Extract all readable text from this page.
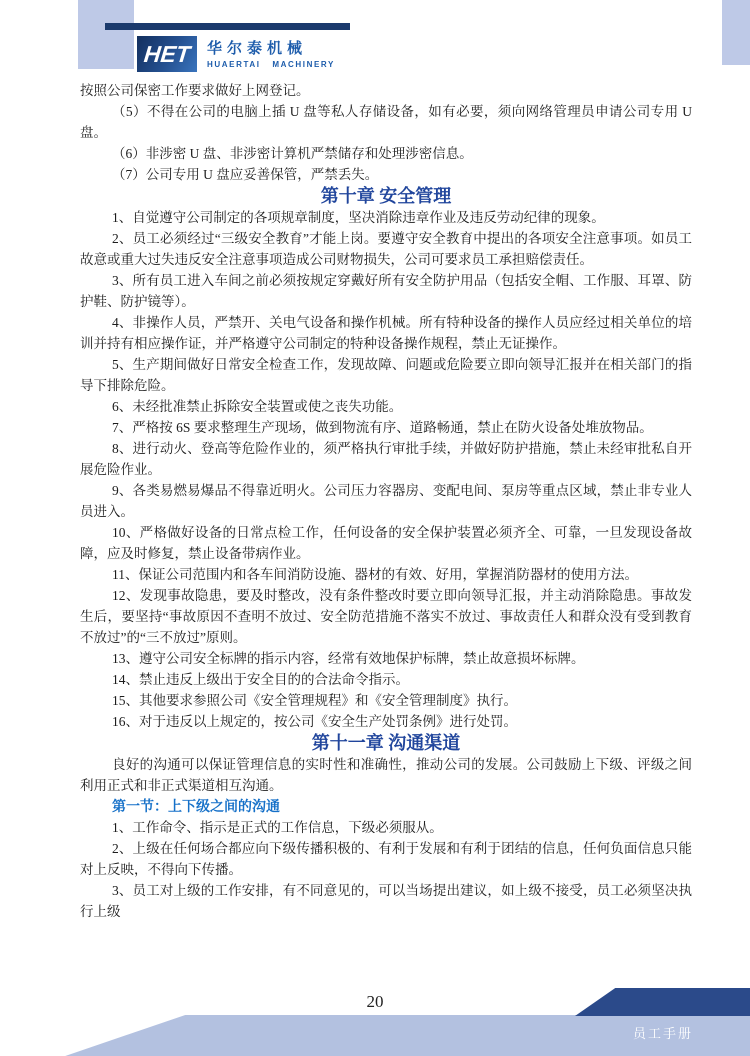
HET 华尔泰机械
HUAERTAI MACHINERY

按照公司保密工作要求做好上网登记。

（5）不得在公司的电脑上插 U 盘等私人存储设备，如有必要，须向网络管理员申请公司专用 U 盘。

（6）非涉密 U 盘、非涉密计算机严禁储存和处理涉密信息。

（7）公司专用 U 盘应妥善保管，严禁丢失。

第十章 安全管理

1、自觉遵守公司制定的各项规章制度，坚决消除违章作业及违反劳动纪律的现象。

2、员工必须经过“三级安全教育”才能上岗。要遵守安全教育中提出的各项安全注意事项。如员工故意或重大过失违反安全注意事项造成公司财物损失，公司可要求员工承担赔偿责任。

3、所有员工进入车间之前必须按规定穿戴好所有安全防护用品（包括安全帽、工作服、耳罩、防护鞋、防护镜等）。

4、非操作人员，严禁开、关电气设备和操作机械。所有特种设备的操作人员应经过相关单位的培训并持有相应操作证，并严格遵守公司制定的特种设备操作规程，禁止无证操作。

5、生产期间做好日常安全检查工作，发现故障、问题或危险要立即向领导汇报并在相关部门的指导下排除危险。

6、未经批准禁止拆除安全装置或使之丧失功能。

7、严格按 6S 要求整理生产现场，做到物流有序、道路畅通，禁止在防火设备处堆放物品。

8、进行动火、登高等危险作业的，须严格执行审批手续，并做好防护措施，禁止未经审批私自开展危险作业。

9、各类易燃易爆品不得靠近明火。公司压力容器房、变配电间、泵房等重点区域，禁止非专业人员进入。

10、严格做好设备的日常点检工作，任何设备的安全保护装置必须齐全、可靠，一旦发现设备故障，应及时修复，禁止设备带病作业。

11、保证公司范围内和各车间消防设施、器材的有效、好用，掌握消防器材的使用方法。

12、发现事故隐患，要及时整改，没有条件整改时要立即向领导汇报，并主动消除隐患。事故发生后，要坚持“事故原因不查明不放过、安全防范措施不落实不放过、事故责任人和群众没有受到教育不放过”的“三不放过”原则。

13、遵守公司安全标牌的指示内容，经常有效地保护标牌，禁止故意损坏标牌。

14、禁止违反上级出于安全目的的合法命令指示。

15、其他要求参照公司《安全管理规程》和《安全管理制度》执行。

16、对于违反以上规定的，按公司《安全生产处罚条例》进行处罚。

第十一章 沟通渠道

良好的沟通可以保证管理信息的实时性和准确性，推动公司的发展。公司鼓励上下级、评级之间利用正式和非正式渠道相互沟通。

第一节：上下级之间的沟通

1、工作命令、指示是正式的工作信息，下级必须服从。

2、上级在任何场合都应向下级传播积极的、有利于发展和有利于团结的信息，任何负面信息只能对上反映，不得向下传播。

3、员工对上级的工作安排，有不同意见的，可以当场提出建议，如上级不接受，员工必须坚决执行上级

20
员工手册
